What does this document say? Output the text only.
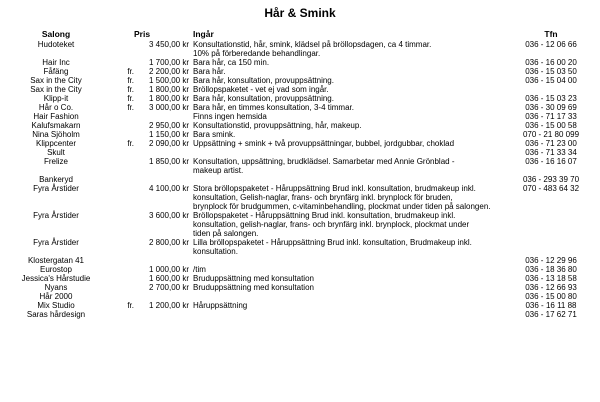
Hår & Smink
Salong		Pris	Ingår	Tfn
Hudoteket		3 450,00 kr	Konsultationstid, hår, smink, klädsel på bröllopsdagen, ca 4 timmar.
10% på förberedande behandlingar.	036 - 12 06 66
Hair Inc		1 700,00 kr	Bara hår, ca 150 min.	036 - 16 00 20
Fåfäng	fr.	2 200,00 kr	Bara hår.	036 - 15 03 50
Sax in the City	fr.	1 500,00 kr	Bara hår, konsultation, provuppsättning.	036 - 15 04 00
Sax in the City	fr.	1 800,00 kr	Bröllopspaketet - vet ej vad som ingår.	

Klipp-it	fr.	1 800,00 kr	Bara hår, konsultation, provuppsättning.	036 - 15 03 23
Hår o Co.	fr.	3 000,00 kr	Bara hår, en timmes konsultation, 3-4 timmar.	036 - 30 09 69
Hair Fashion			Finns ingen hemsida	036 - 71 17 33
Kalufsmakarn		2 950,00 kr	Konsultationstid, provuppsättning, hår, makeup.	036 - 15 00 58
Nina Sjöholm		1 150,00 kr	Bara smink.	070 - 21 80 099
Klippcenter	fr.	2 090,00 kr	Uppsättning + smink + två provuppsättningar, bubbel, jordgubbar, choklad	036 - 71 23 00
Skult				036 - 71 33 34
Frelize		1 850,00 kr	Konsultation, uppsättning, brudklädsel. Samarbetar med Annie Grönblad -
makeup artist.	036 - 16 16 07
Bankeryd				036 - 293 39 70
Fyra Årstider		4 100,00 kr	Stora bröllopspaketet - Håruppsättning Brud inkl. konsultation, brudmakeup inkl.
konsultation, Gelish-naglar, frans- och brynfärg inkl. brynplock för bruden,
brynplock för brudgummen, c-vitaminbehandling, plockmat under tiden på salongen.	070 - 483 64 32
Fyra Årstider		3 600,00 kr	Bröllopspaketet - Håruppsättning Brud inkl. konsultation, brudmakeup inkl.
konsultation, gelish-naglar, frans- och brynfärg inkl. brynplock, plockmat under
tiden på salongen.	

Fyra Årstider		2 800,00 kr	Lilla bröllopspaketet - Håruppsättning Brud inkl. konsultation, Brudmakeup inkl.
konsultation.	

Klostergatan 41				036 - 12 29 96
Eurostop		1 000,00 kr	/tim	036 - 18 36 80
Jessica's Hårstudie		1 600,00 kr	Bruduppsättning med konsultation	036 - 13 18 58
Nyans		2 700,00 kr	Bruduppsättning med konsultation	036 - 12 66 93
Hår 2000				036 - 15 00 80
Mix Studio	fr.	1 200,00 kr	Håruppsättning	036 - 16 11 88
Saras hårdesign				036 - 17 62 71
